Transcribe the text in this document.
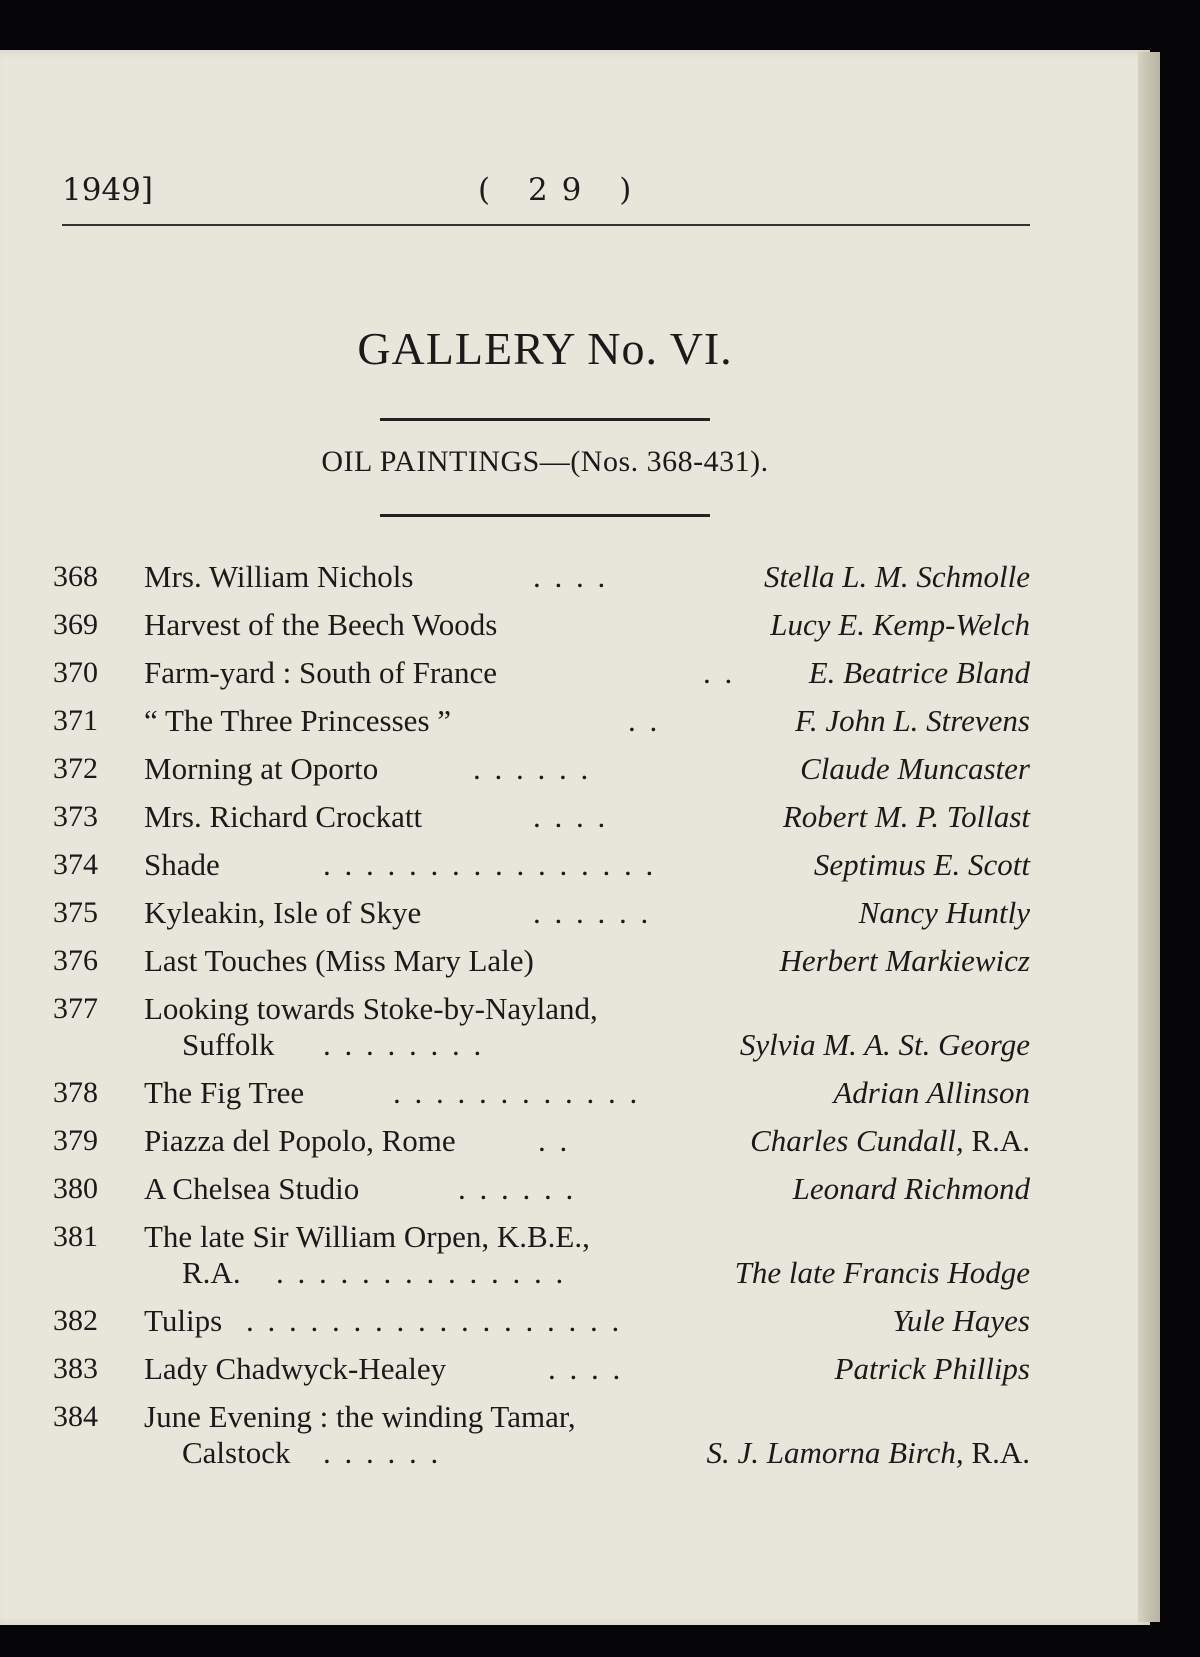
1949]	( 29 )
GALLERY No. VI.
OIL PAINTINGS—(Nos. 368-431).
368 Mrs. William Nichols	. . . .	Stella L. M. Schmolle
369 Harvest of the Beech Woods	Lucy E. Kemp-Welch
370 Farm-yard : South of France	. . E. Beatrice Bland
371 “ The Three Princesses ”	. .	F. John L. Strevens
372 Morning at Oporto	. . . . . .	Claude Muncaster
373 Mrs. Richard Crockatt	. . . .	Robert M. P. Tollast
374 Shade	. . . . . . . . . . . . . . . .	Septimus E. Scott
375 Kyleakin, Isle of Skye	. . . . . .	Nancy Huntly
376 Last Touches (Miss Mary Lale)	Herbert Markiewicz
377 Looking towards Stoke-by-Nayland,
Suffolk . . . . . . . .	Sylvia M. A. St. George
378 The Fig Tree	. . . . . . . . . . . .	Adrian Allinson
379 Piazza del Popolo, Rome	. .	Charles Cundall, R.A.
380 A Chelsea Studio	. . . . . .	Leonard Richmond
381 The late Sir William Orpen, K.B.E.,
R.A. . . . . . . . . . . . . . .	The late Francis Hodge
382 Tulips . . . . . . . . . . . . . . . . . .	Yule Hayes
383 Lady Chadwyck-Healey	. . . .	Patrick Phillips
384 June Evening : the winding Tamar,
Calstock . . . . . .	S. J. Lamorna Birch, R.A.
